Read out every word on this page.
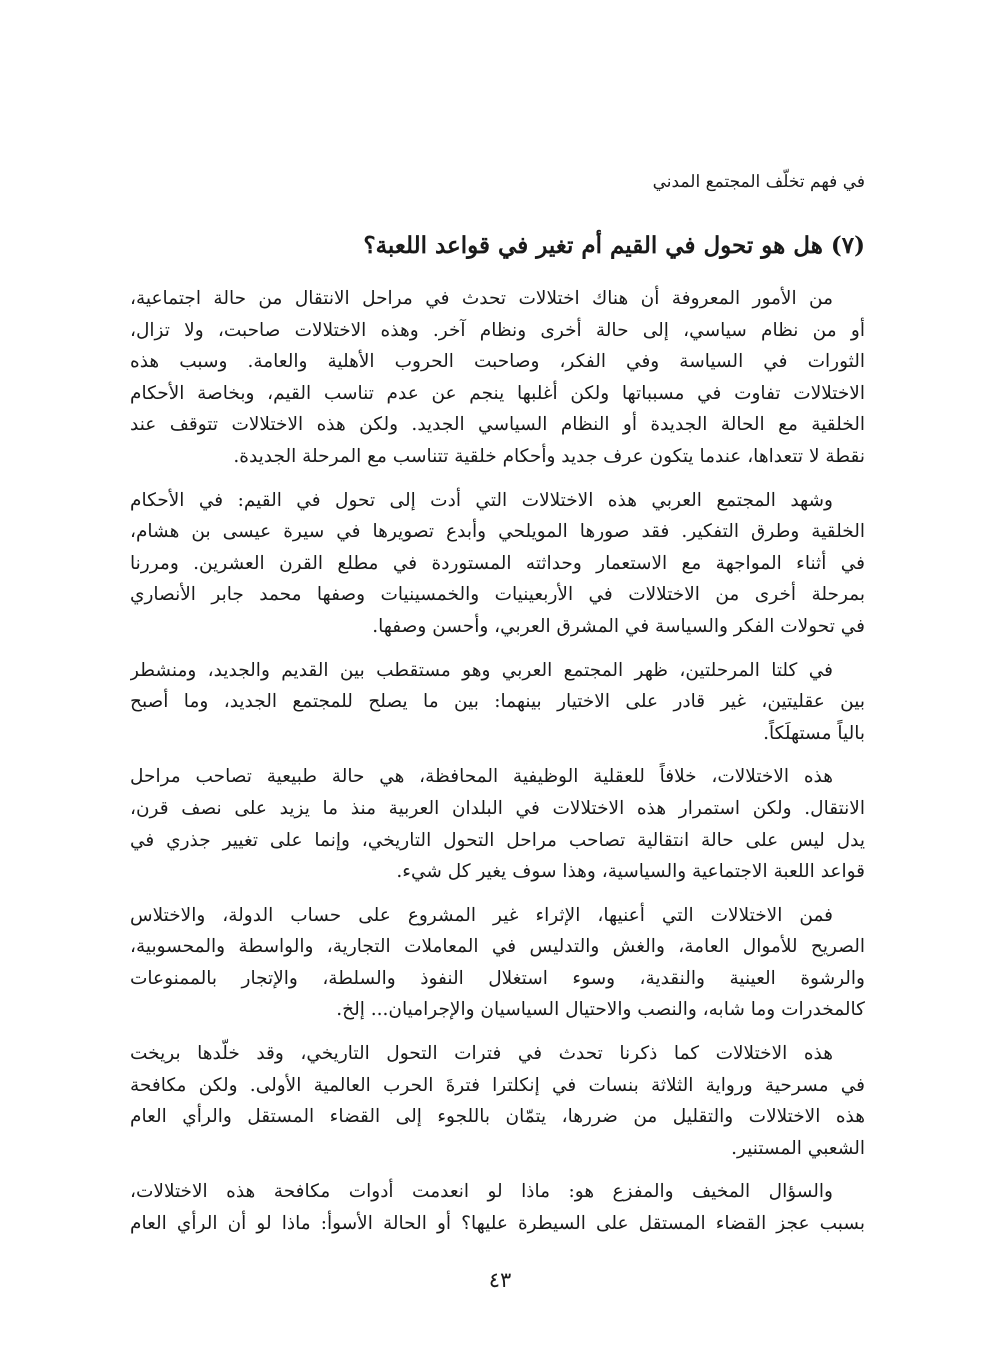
في فهم تخلّف المجتمع المدني
(٧) هل هو تحول في القيم أم تغير في قواعد اللعبة؟
من الأمور المعروفة أن هناك اختلالات تحدث في مراحل الانتقال من حالة اجتماعية،
أو من نظام سياسي، إلى حالة أخرى ونظام آخر. وهذه الاختلالات صاحبت، ولا تزال،
الثورات في السياسة وفي الفكر، وصاحبت الحروب الأهلية والعامة. وسبب هذه
الاختلالات تفاوت في مسبباتها ولكن أغلبها ينجم عن عدم تناسب القيم، وبخاصة الأحكام
الخلقية مع الحالة الجديدة أو النظام السياسي الجديد. ولكن هذه الاختلالات تتوقف عند
نقطة لا تتعداها، عندما يتكون عرف جديد وأحكام خلقية تتناسب مع المرحلة الجديدة.
وشهد المجتمع العربي هذه الاختلالات التي أدت إلى تحول في القيم: في الأحكام
الخلقية وطرق التفكير. فقد صورها المويلحي وأبدع تصويرها في سيرة عيسى بن هشام،
في أثناء المواجهة مع الاستعمار وحداثته المستوردة في مطلع القرن العشرين. ومررنا
بمرحلة أخرى من الاختلالات في الأربعينيات والخمسينيات وصفها محمد جابر الأنصاري
في تحولات الفكر والسياسة في المشرق العربي، وأحسن وصفها.
في كلتا المرحلتين، ظهر المجتمع العربي وهو مستقطب بين القديم والجديد، ومنشطر
بين عقليتين، غير قادر على الاختيار بينهما: بين ما يصلح للمجتمع الجديد، وما أصبح
بالياً مستهلَكاً.
هذه الاختلالات، خلافاً للعقلية الوظيفية المحافظة، هي حالة طبيعية تصاحب مراحل
الانتقال. ولكن استمرار هذه الاختلالات في البلدان العربية منذ ما يزيد على نصف قرن،
يدل ليس على حالة انتقالية تصاحب مراحل التحول التاريخي، وإنما على تغيير جذري في
قواعد اللعبة الاجتماعية والسياسية، وهذا سوف يغير كل شيء.
فمن الاختلالات التي أعنيها، الإثراء غير المشروع على حساب الدولة، والاختلاس
الصريح للأموال العامة، والغش والتدليس في المعاملات التجارية، والواسطة والمحسوبية،
والرشوة العينية والنقدية، وسوء استغلال النفوذ والسلطة، والإتجار بالممنوعات
كالمخدرات وما شابه، والنصب والاحتيال السياسيان والإجراميان... إلخ.
هذه الاختلالات كما ذكرنا تحدث في فترات التحول التاريخي، وقد خلّدها بريخت
في مسرحية ورواية الثلاثة بنسات في إنكلترا فترةَ الحرب العالمية الأولى. ولكن مكافحة
هذه الاختلالات والتقليل من ضررها، يتمّان باللجوء إلى القضاء المستقل والرأي العام
الشعبي المستنير.
والسؤال المخيف والمفزع هو: ماذا لو انعدمت أدوات مكافحة هذه الاختلالات،
بسبب عجز القضاء المستقل على السيطرة عليها؟ أو الحالة الأسوأ: ماذا لو أن الرأي العام
٤٣
